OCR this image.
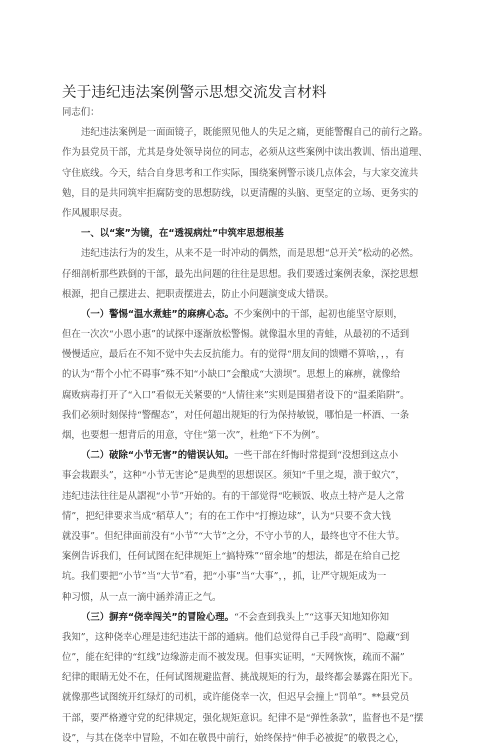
关于违纪违法案例警示思想交流发言材料
同志们：
违纪违法案例是一面面镜子，既能照见他人的失足之痛，更能警醒自己的前行之路。
作为县党员干部，尤其是身处领导岗位的同志，必须从这些案例中读出教训、悟出道理、
守住底线。今天，结合自身思考和工作实际，围绕案例警示谈几点体会，与大家交流共
勉，目的是共同筑牢拒腐防变的思想防线，以更清醒的头脑、更坚定的立场、更务实的
作风履职尽责。
一、以“案”为镜，在“透视病灶”中筑牢思想根基
违纪违法行为的发生，从来不是一时冲动的偶然，而是思想“总开关”松动的必然。
仔细剖析那些跌倒的干部，最先出问题的往往是思想。我们要透过案例表象，深挖思想
根源，把自己摆进去、把职责摆进去，防止小问题演变成大错误。
（一）警惕“温水煮蛙”的麻痹心态。不少案例中的干部，起初也能坚守原则，
但在一次次“小恩小惠”的试探中逐渐放松警惕。就像温水里的青蛙，从最初的不适到
慢慢适应，最后在不知不觉中失去反抗能力。有的觉得“朋友间的馈赠不算啥，，，有
的认为“帮个小忙不碍事”殊不知“小缺口”会酿成“大溃坝”。思想上的麻痹，就像给
腐败病毒打开了“入口”看似无关紧要的“人情往来”实则是围猎者设下的“温柔陷阱”。
我们必须时刻保持“警醒态”，对任何超出规矩的行为保持敏锐，哪怕是一杯酒、一条
烟，也要想一想背后的用意，守住“第一次”，杜绝“下不为例”。
（二）破除“小节无害”的错误认知。一些干部在纤悔时常提到“没想到这点小
事会栽跟头”，这种“小节无害论”是典型的思想误区。须知“千里之堤，溃于蚁穴”，
违纪违法往往是从謵视“小节”开始的。有的干部觉得“吃顿饭、收点土特产是人之常
情”，把纪律要求当成“稻草人”；有的在工作中“打擦边球”，认为“只要不贪大钱
就没事”。但纪律面前没有“小节”“大节”之分，不守小节的人，最终也守不住大节。
案例告诉我们，任何试图在纪律规矩上“搞特殊”“留余地”的想法，都是在给自己挖
坑。我们要把“小节”当“大节”看，把“小事”当“大事”，，抓，让严守规矩成为一
种习惯，从一点一滴中涵养清正之气。
（三）摒弃“侥幸闯关”的冒险心理。“不会查到我头上”“这事天知地知你知
我知”，这种侥幸心理是违纪违法干部的通病。他们总觉得自己手段“高明”、隐藏“到
位”，能在纪律的“红线”边缘游走而不被发现。但事实证明，“天网恢恢，疏而不漏”
纪律的眼睛无处不在，任何试图规避监督、挑战规矩的行为，最终都会暴露在阳光下。
就像那些试图统开红绿灯的司机，或许能侥幸一次，但迟早会撞上“罚单”。**县党员
干部，要严格遵守党的纪律规定，强化规矩意识。纪律不是“弹性条款”，监督也不是“摆
设”，与其在侥幸中冒险，不如在敬畏中前行，始终保持“伸手必被捉”的敬畏之心，
